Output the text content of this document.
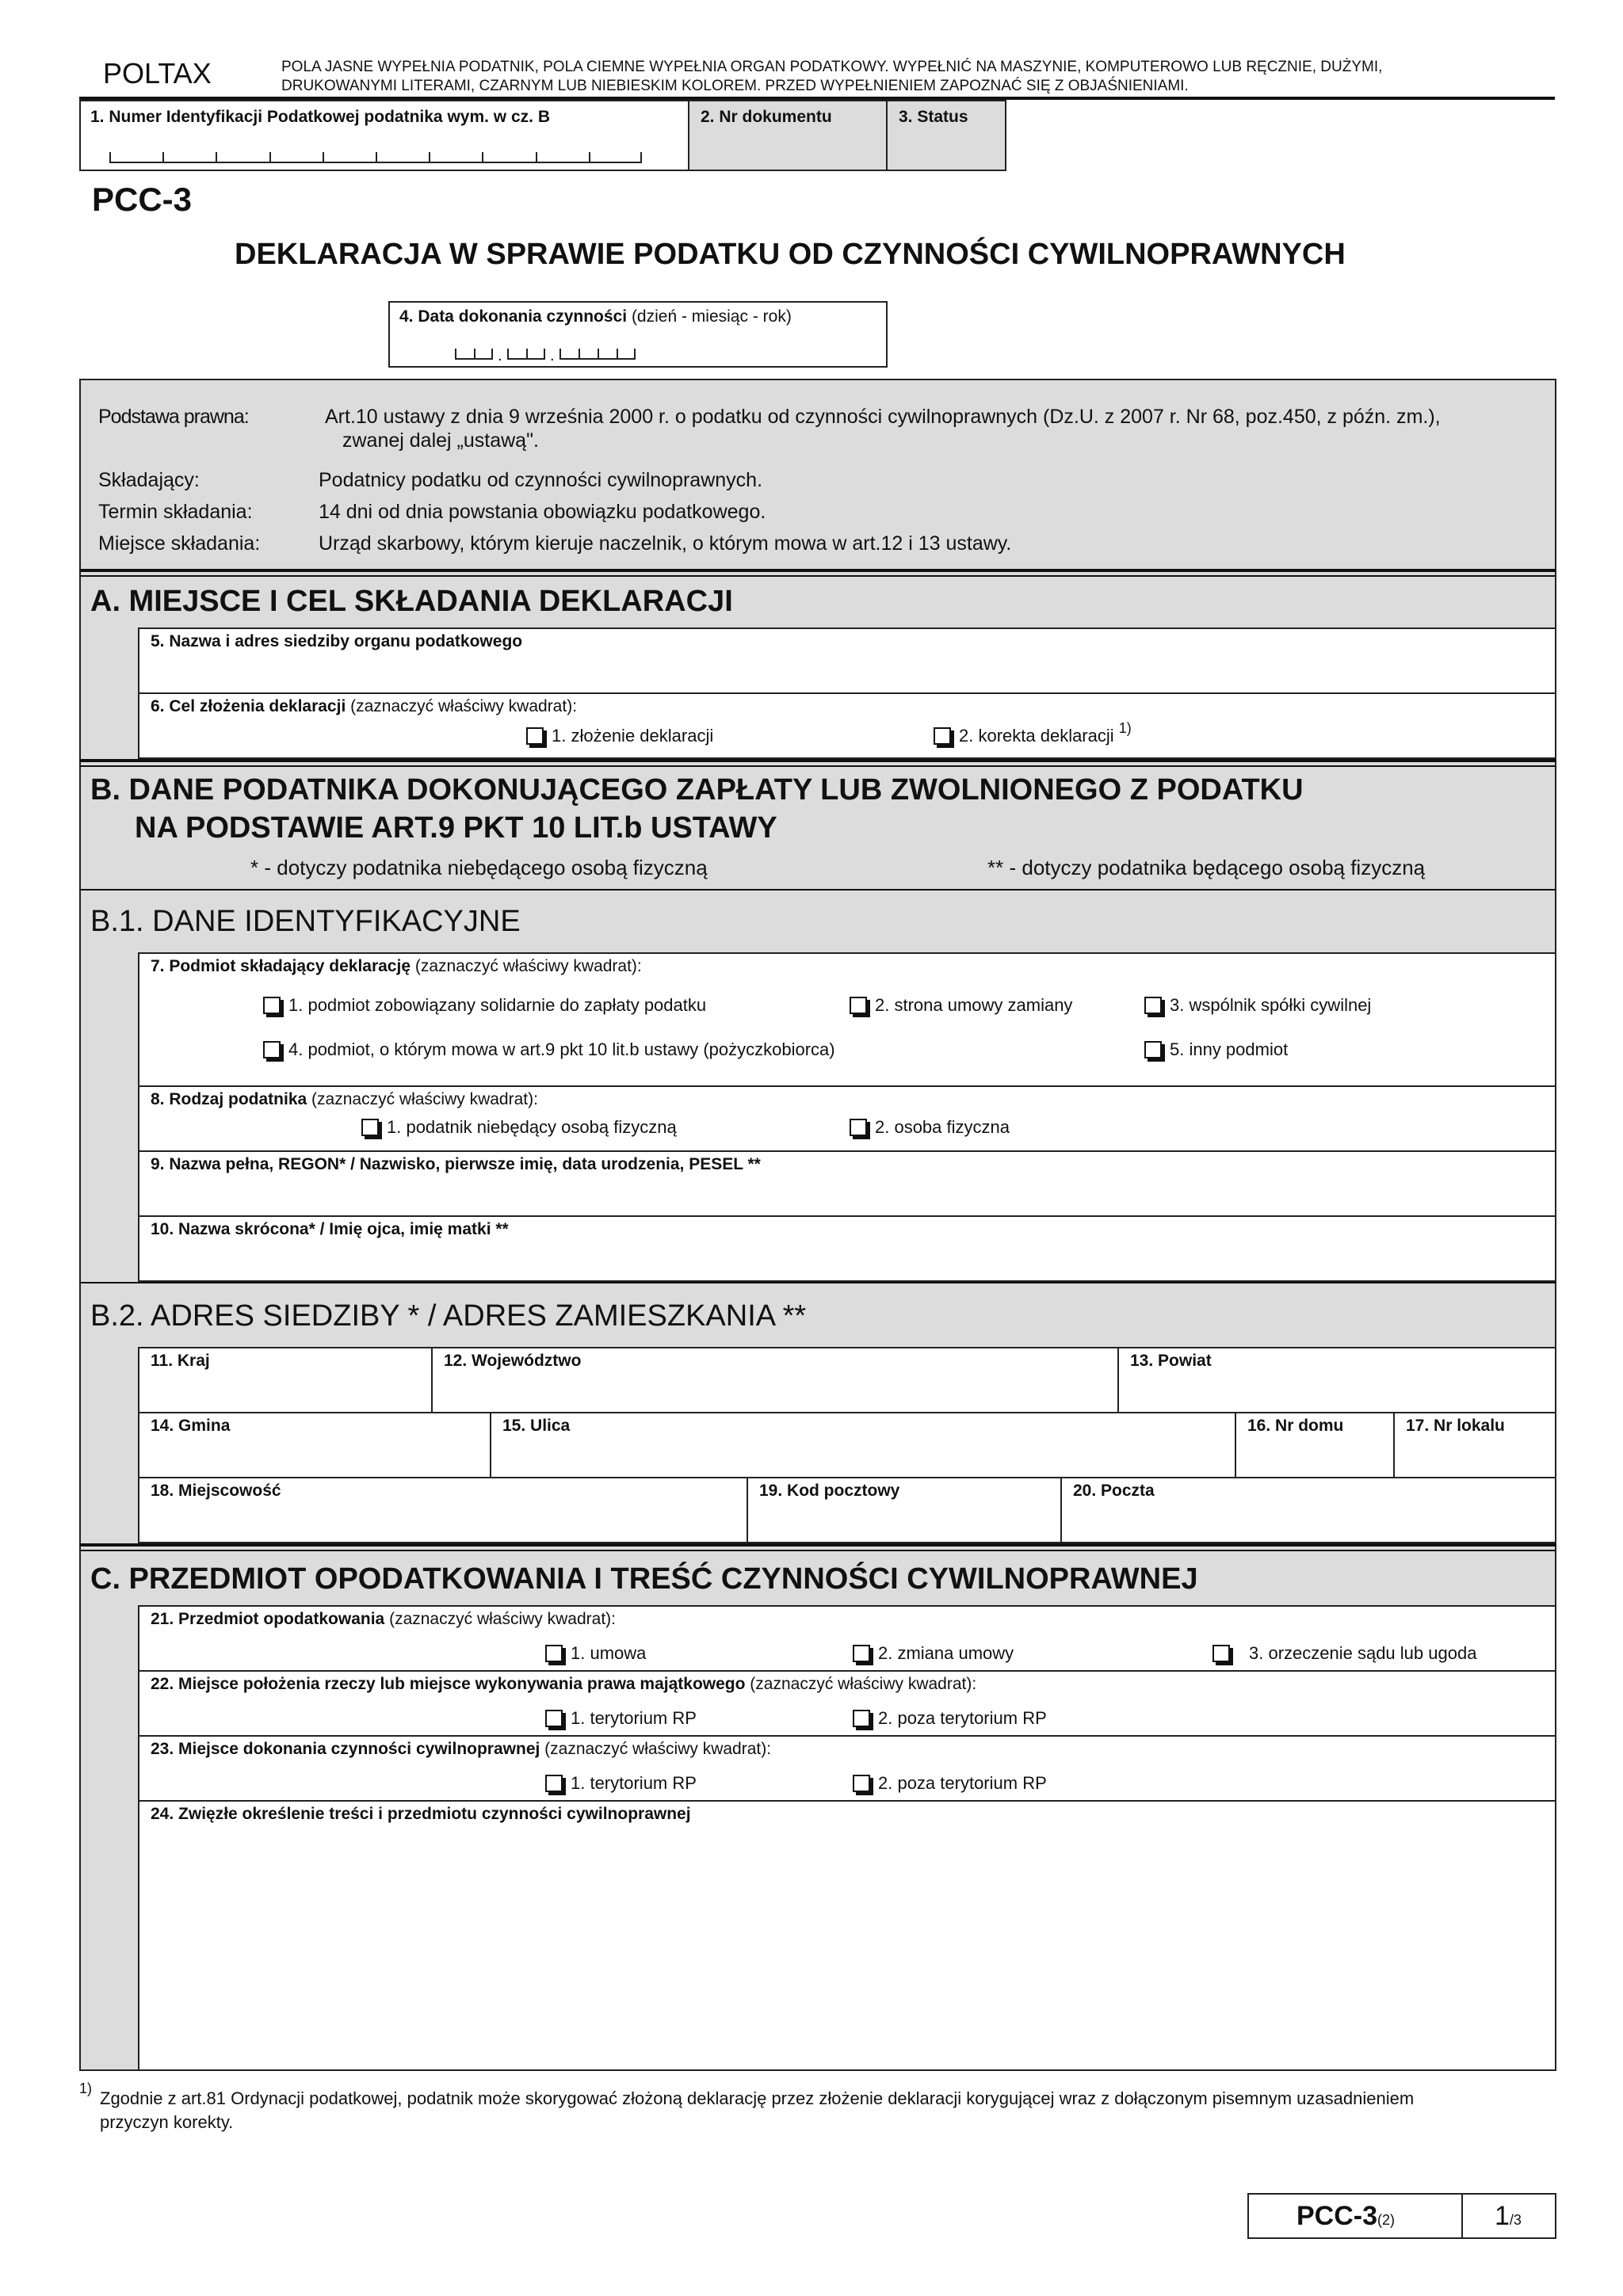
POLTAX	POLA JASNE WYPEŁNIA PODATNIK, POLA CIEMNE WYPEŁNIA ORGAN PODATKOWY. WYPEŁNIĆ NA MASZYNIE, KOMPUTEROWO LUB RĘCZNIE, DUŻYMI,
DRUKOWANYMI LITERAMI, CZARNYM LUB NIEBIESKIM KOLOREM. PRZED WYPEŁNIENIEM ZAPOZNAĆ SIĘ Z OBJAŚNIENIAMI.
1. Numer Identyfikacji Podatkowej podatnika wym. w cz. B	2. Nr dokumentu	3. Status
PCC-3
DEKLARACJA W SPRAWIE PODATKU OD CZYNNOŚCI CYWILNOPRAWNYCH
4. Data dokonania czynności (dzień - miesiąc - rok)
.	.
Podstawa prawna:	Art.10 ustawy z dnia 9 września 2000 r. o podatku od czynności cywilnoprawnych (Dz.U. z 2007 r. Nr 68, poz.450, z późn. zm.),
zwanej dalej „ustawą".
Składający:	Podatnicy podatku od czynności cywilnoprawnych.
Termin składania:	14 dni od dnia powstania obowiązku podatkowego.
Miejsce składania:	Urząd skarbowy, którym kieruje naczelnik, o którym mowa w art.12 i 13 ustawy.
A. MIEJSCE I CEL SKŁADANIA DEKLARACJI
5. Nazwa i adres siedziby organu podatkowego
6. Cel złożenia deklaracji (zaznaczyć właściwy kwadrat):
1. złożenie deklaracji	2. korekta deklaracji
1)
B. DANE PODATNIKA DOKONUJĄCEGO ZAPŁATY LUB ZWOLNIONEGO Z PODATKU
NA PODSTAWIE ART.9 PKT 10 LIT.b USTAWY
* - dotyczy podatnika niebędącego osobą fizyczną	** - dotyczy podatnika będącego osobą fizyczną
B.1. DANE IDENTYFIKACYJNE
7. Podmiot składający deklarację (zaznaczyć właściwy kwadrat):
1. podmiot zobowiązany solidarnie do zapłaty podatku	2. strona umowy zamiany	3. wspólnik spółki cywilnej
4. podmiot, o którym mowa w art.9 pkt 10 lit.b ustawy (pożyczkobiorca)	5. inny podmiot
8. Rodzaj podatnika (zaznaczyć właściwy kwadrat):
1. podatnik niebędący osobą fizyczną	2. osoba fizyczna
9. Nazwa pełna, REGON* / Nazwisko, pierwsze imię, data urodzenia, PESEL **
10. Nazwa skrócona* / Imię ojca, imię matki **
B.2. ADRES SIEDZIBY * / ADRES ZAMIESZKANIA **
11. Kraj	12. Województwo	13. Powiat
14. Gmina	15. Ulica	16. Nr domu	17. Nr lokalu
18. Miejscowość	19. Kod pocztowy	20. Poczta
C. PRZEDMIOT OPODATKOWANIA I TREŚĆ CZYNNOŚCI CYWILNOPRAWNEJ
21. Przedmiot opodatkowania (zaznaczyć właściwy kwadrat):
1. umowa	2. zmiana umowy	3. orzeczenie sądu lub ugoda
22. Miejsce położenia rzeczy lub miejsce wykonywania prawa majątkowego (zaznaczyć właściwy kwadrat):
1. terytorium RP	2. poza terytorium RP
23. Miejsce dokonania czynności cywilnoprawnej (zaznaczyć właściwy kwadrat):
1. terytorium RP	2. poza terytorium RP
24. Zwięzłe określenie treści i przedmiotu czynności cywilnoprawnej
1) Zgodnie z art.81 Ordynacji podatkowej, podatnik może skorygować złożoną deklarację przez złożenie deklaracji korygującej wraz z dołączonym pisemnym uzasadnieniem
przyczyn korekty.
PCC-3(2)	1/3
